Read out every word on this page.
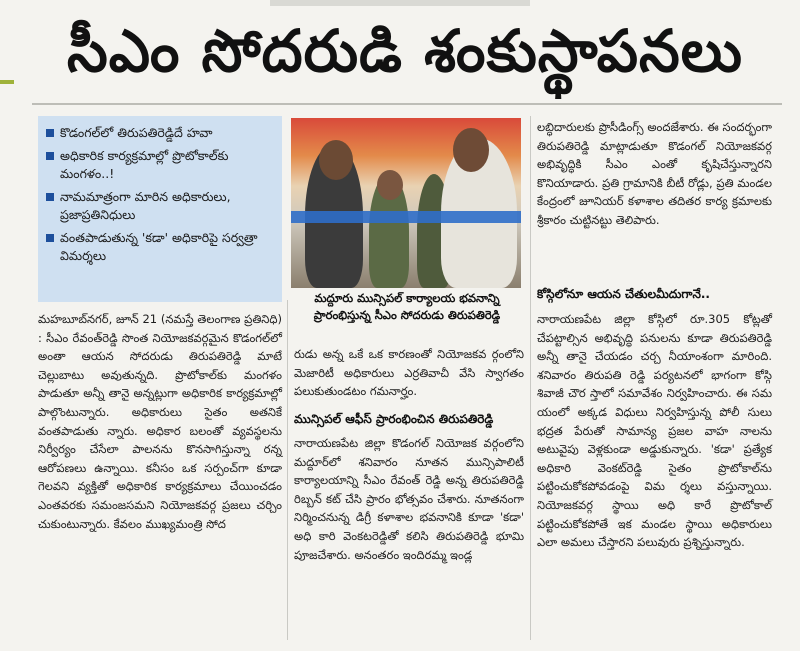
సీఎం సోదరుడి శంకుస్థాపనలు
కొడంగల్‌లో తిరుపతిరెడ్డిదే హవా
అధికారిక కార్యక్రమాల్లో ప్రొటోకాల్‌కు మంగళం..!
నామమాత్రంగా మారిన అధికారులు, ప్రజాప్రతినిధులు
వంతపాడుతున్న 'కడా' అధికారిపై సర్వత్రా విమర్శలు
మద్దూరు మున్సిపల్ కార్యాలయ భవనాన్ని ప్రారంభిస్తున్న సీఎం సోదరుడు తిరుపతిరెడ్డి

మహబూబ్‌నగర్, జూన్ 21 (నమస్తే తెలంగాణ ప్రతినిధి) : సీఎం రేవంత్‌రెడ్డి సొంత నియోజకవర్గమైన కొడంగల్‌లో అంతా ఆయన సోదరుడు తిరుపతిరెడ్డి మాటే చెల్లుబాటు అవుతున్నది. ప్రొటోకాల్‌కు మంగళం పాడుతూ అన్నీ తానై అన్నట్లుగా అధికారిక కార్యక్రమాల్లో పాల్గొంటున్నారు. అధికారులు సైతం అతనికే వంతపాడుతు న్నారు. అధికార బలంతో వ్యవస్థలను నిర్వీర్యం చేసేలా పాలనను కొనసాగిస్తున్నా రన్న ఆరోపణలు ఉన్నాయి. కనీసం ఒక సర్పంచ్‌గా కూడా గెలవని వ్యక్తితో అధికారిక కార్యక్రమాలు చేయించడం ఎంతవరకు సమంజసమని నియోజకవర్గ ప్రజలు చర్చిం చుకుంటున్నారు. కేవలం ముఖ్యమంత్రి సోద

రుడు అన్న ఒకే ఒక కారణంతో నియోజకవ ర్గంలోని మెజారిటీ అధికారులు ఎర్రతివాచీ వేసి స్వాగతం పలుకుతుండటం గమనార్హం.

మున్సిపల్ ఆఫీస్ ప్రారంభించిన తిరుపతిరెడ్డి

నారాయణపేట జిల్లా కొడంగల్ నియోజక వర్గంలోని మద్దూర్‌లో శనివారం నూతన మున్సిపాలిటీ కార్యాలయాన్ని సీఎం రేవంత్ రెడ్డి అన్న తిరుపతిరెడ్డి రిబ్బన్ కట్ చేసి ప్రారం భోత్సవం చేశారు. నూతనంగా నిర్మించనున్న డిగ్రీ కళాశాల భవనానికి కూడా 'కడా' అధి కారి వెంకటరెడ్డితో కలిసి తిరుపతిరెడ్డి భూమి పూజచేశారు. అనంతరం ఇందిరమ్మ ఇండ్ల

లబ్ధిదారులకు ప్రొసీడింగ్స్ అందజేశారు. ఈ సందర్భంగా తిరుపతిరెడ్డి మాట్లాడుతూ కొడంగల్ నియోజకవర్గ అభివృద్ధికి సీఎం ఎంతో కృషిచేస్తున్నారని కొనియాడారు. ప్రతి గ్రామానికి బీటీ రోడ్లు, ప్రతి మండల కేంద్రంలో జూనియర్ కళాశాల తదితర కార్య క్రమాలకు శ్రీకారం చుట్టినట్టు తెలిపారు.

కోస్గిలోనూ ఆయన చేతులమీదుగానే..

నారాయణపేట జిల్లా కోస్గిలో రూ.305 కోట్లతో చేపట్టాల్సిన అభివృద్ధి పనులను కూడా తిరుపతిరెడ్డి అన్నీ తానై చేయడం చర్చ నీయాంశంగా మారింది. శనివారం తిరుపతి రెడ్డి పర్యటనలో భాగంగా కోస్గి శివాజీ చౌర స్తాలో సమావేశం నిర్వహించారు. ఈ సమ యంలో అక్కడ విధులు నిర్వహిస్తున్న పోలీ సులు భద్రత పేరుతో సామాన్య ప్రజల వాహ నాలను అటువైపు వెళ్లకుండా అడ్డుకున్నారు. 'కడా' ప్రత్యేక అధికారి వెంకట్‌రెడ్డి సైతం ప్రొటోకాల్‌ను పట్టించుకోకపోవడంపై విమ ర్శలు వస్తున్నాయి. నియోజకవర్గ స్థాయి అధి కారే ప్రొటోకాల్ పట్టించుకోకపోతే ఇక మండల స్థాయి అధికారులు ఎలా అమలు చేస్తారని పలువురు ప్రశ్నిస్తున్నారు.
